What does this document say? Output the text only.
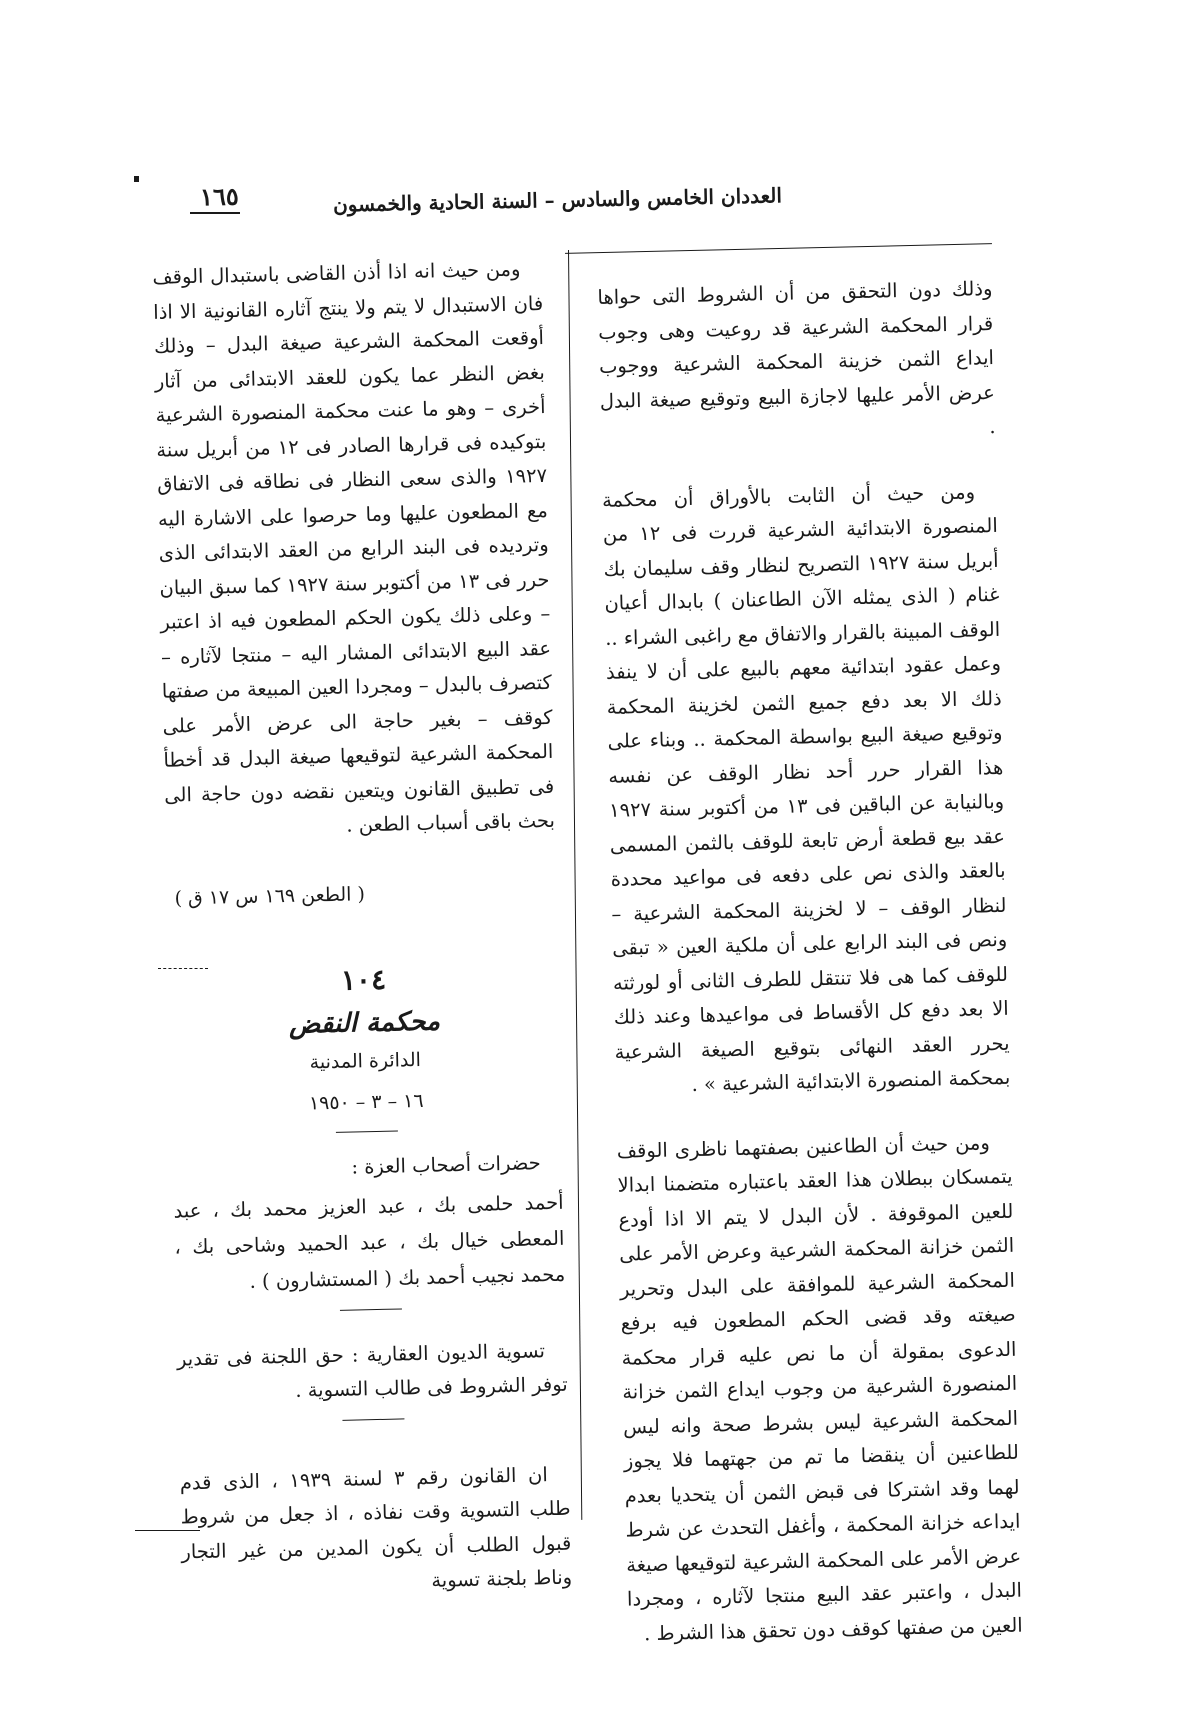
العددان الخامس والسادس – السنة الحادية والخمسون
١٦٥

وذلك دون التحقق من أن الشروط التى حواها قرار المحكمة الشرعية قد روعيت وهى وجوب ايداع الثمن خزينة المحكمة الشرعية ووجوب عرض الأمر عليها لاجازة البيع وتوقيع صيغة البدل .

ومن حيث أن الثابت بالأوراق أن محكمة المنصورة الابتدائية الشرعية قررت فى ١٢ من أبريل سنة ١٩٢٧ التصريح لنظار وقف سليمان بك غنام ( الذى يمثله الآن الطاعنان ) بابدال أعيان الوقف المبينة بالقرار والاتفاق مع راغبى الشراء .. وعمل عقود ابتدائية معهم بالبيع على أن لا ينفذ ذلك الا بعد دفع جميع الثمن لخزينة المحكمة وتوقيع صيغة البيع بواسطة المحكمة .. وبناء على هذا القرار حرر أحد نظار الوقف عن نفسه وبالنيابة عن الباقين فى ١٣ من أكتوبر سنة ١٩٢٧ عقد بيع قطعة أرض تابعة للوقف بالثمن المسمى بالعقد والذى نص على دفعه فى مواعيد محددة لنظار الوقف – لا لخزينة المحكمة الشرعية – ونص فى البند الرابع على أن ملكية العين « تبقى للوقف كما هى فلا تنتقل للطرف الثانى أو لورثته الا بعد دفع كل الأقساط فى مواعيدها وعند ذلك يحرر العقد النهائى بتوقيع الصيغة الشرعية بمحكمة المنصورة الابتدائية الشرعية » .

ومن حيث أن الطاعنين بصفتهما ناظرى الوقف يتمسكان ببطلان هذا العقد باعتباره متضمنا ابدالا للعين الموقوفة . لأن البدل لا يتم الا اذا أودع الثمن خزانة المحكمة الشرعية وعرض الأمر على المحكمة الشرعية للموافقة على البدل وتحرير صيغته وقد قضى الحكم المطعون فيه برفع الدعوى بمقولة أن ما نص عليه قرار محكمة المنصورة الشرعية من وجوب ايداع الثمن خزانة المحكمة الشرعية ليس بشرط صحة وانه ليس للطاعنين أن ينقضا ما تم من جهتهما فلا يجوز لهما وقد اشتركا فى قبض الثمن أن يتحديا بعدم ايداعه خزانة المحكمة ، وأغفل التحدث عن شرط عرض الأمر على المحكمة الشرعية لتوقيعها صيغة البدل ، واعتبر عقد البيع منتجا لآثاره ، ومجردا العين من صفتها كوقف دون تحقق هذا الشرط .

ومن حيث انه اذا أذن القاضى باستبدال الوقف فان الاستبدال لا يتم ولا ينتج آثاره القانونية الا اذا أوقعت المحكمة الشرعية صيغة البدل – وذلك بغض النظر عما يكون للعقد الابتدائى من آثار أخرى – وهو ما عنت محكمة المنصورة الشرعية بتوكيده فى قرارها الصادر فى ١٢ من أبريل سنة ١٩٢٧ والذى سعى النظار فى نطاقه فى الاتفاق مع المطعون عليها وما حرصوا على الاشارة اليه وترديده فى البند الرابع من العقد الابتدائى الذى حرر فى ١٣ من أكتوبر سنة ١٩٢٧ كما سبق البيان – وعلى ذلك يكون الحكم المطعون فيه اذ اعتبر عقد البيع الابتدائى المشار اليه – منتجا لآثاره – كتصرف بالبدل – ومجردا العين المبيعة من صفتها كوقف – بغير حاجة الى عرض الأمر على المحكمة الشرعية لتوقيعها صيغة البدل قد أخطأ فى تطبيق القانون ويتعين نقضه دون حاجة الى بحث باقى أسباب الطعن .

( الطعن ١٦٩ س ١٧ ق )

١٠٤

محكمة النقض

الدائرة المدنية

١٦ – ٣ – ١٩٥٠

حضرات أصحاب العزة :

أحمد حلمى بك ، عبد العزيز محمد بك ، عبد المعطى خيال بك ، عبد الحميد وشاحى بك ، محمد نجيب أحمد بك ( المستشارون ) .

تسوية الديون العقارية : حق اللجنة فى تقدير توفر الشروط فى طالب التسوية .

ان القانون رقم ٣ لسنة ١٩٣٩ ، الذى قدم طلب التسوية وقت نفاذه ، اذ جعل من شروط قبول الطلب أن يكون المدين من غير التجار وناط بلجنة تسوية
